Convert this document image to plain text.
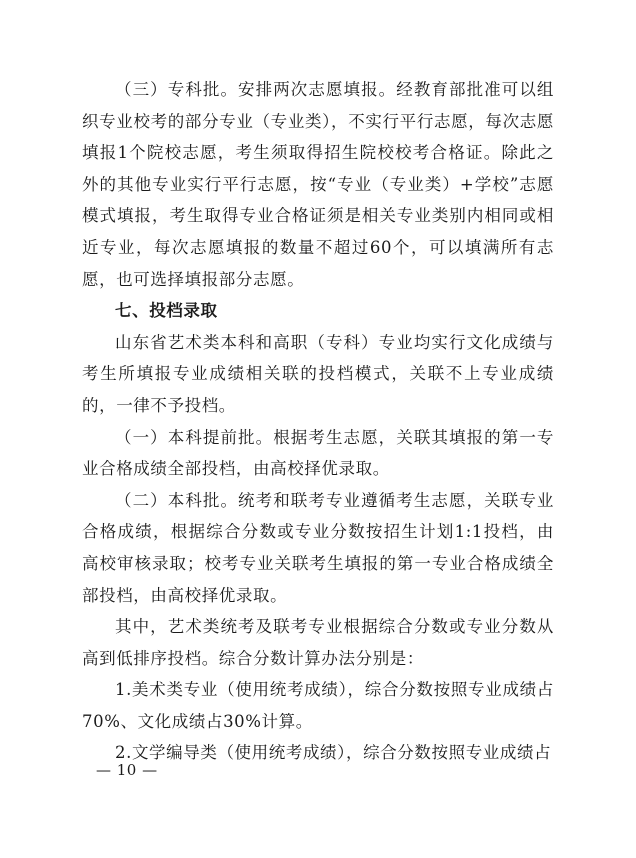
（三）专科批。安排两次志愿填报。经教育部批准可以组织专业校考的部分专业（专业类），不实行平行志愿，每次志愿填报1个院校志愿，考生须取得招生院校校考合格证。除此之外的其他专业实行平行志愿，按“专业（专业类）+学校”志愿模式填报，考生取得专业合格证须是相关专业类别内相同或相近专业，每次志愿填报的数量不超过60个，可以填满所有志愿，也可选择填报部分志愿。

七、投档录取

山东省艺术类本科和高职（专科）专业均实行文化成绩与考生所填报专业成绩相关联的投档模式，关联不上专业成绩的，一律不予投档。

（一）本科提前批。根据考生志愿，关联其填报的第一专业合格成绩全部投档，由高校择优录取。

（二）本科批。统考和联考专业遵循考生志愿，关联专业合格成绩，根据综合分数或专业分数按招生计划1:1投档，由高校审核录取；校考专业关联考生填报的第一专业合格成绩全部投档，由高校择优录取。

其中，艺术类统考及联考专业根据综合分数或专业分数从高到低排序投档。综合分数计算办法分别是：

1.美术类专业（使用统考成绩），综合分数按照专业成绩占70%、文化成绩占30%计算。

2.文学编导类（使用统考成绩），综合分数按照专业成绩占

— 10 —
